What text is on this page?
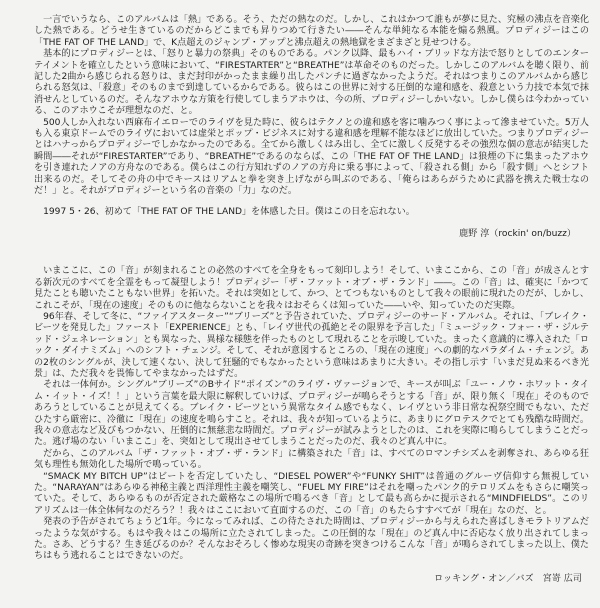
一言でいうなら、このアルバムは「熱」である。そう、ただの熱なのだ。しかし、これはかつて誰もが夢に見た、究極の沸点を音楽化した熱である。どうせ生きているのだからどこまでも昇りつめて行きたい――そんな単純なる本能を煽る熱風。プロディジーはこの「THE FAT OF THE LAND」で、K点超えのジャンプ・アップと沸点超えの熱地獄をまざまざと見せつける。

基本的にプロディジーとは、「怒りと暴力の祭典」そのものである。パンク以降、最もハイ・ブリッドな方法で怒りとしてのエンターテイメントを確立したという意味において、“FIRESTARTER”と“BREATHE”は革命そのものだった。しかしこのアルバムを聴く限り、前記した2曲から感じられる怒りは、まだ封印がかったまま繰り出したパンチに過ぎなかったようだ。それはつまりこのアルバムから感じられる怒気は、「殺意」そのものまで到達しているからである。彼らはこの世界に対する圧倒的な違和感を、殺意という力技で本気で抹消せんとしているのだ。そんなアホウな方策を行使してしまうアホウは、今の所、プロディジーしかいない。しかし僕らは今わかっている、このアホウこそが理想なのだ、と。

500人しか入れない西麻布イエローでのライヴを見た時に、彼らはテクノとの違和感を客に噛みつく事によって滲ませていた。5万人も入る東京ドームでのライヴにおいては虚栄とポップ・ビジネスに対する違和感を理解不能なほどに放出していた。つまりプロディジーとはハナっからプロディジーでしかなかったのである。全てから激しくはみ出し、全てに激しく反発するその強烈な個の意志が結実した瞬間――それが“FIRESTARTER”であり、“BREATHE”であるのならば、この「THE FAT OF THE LAND」は狼煙の下に集まったアホウを引き連れたノアの方舟なのである。僕らはこの行方知れずのノアの方舟に乗る事によって、「殺される側」から「殺す側」へとシフト出来るのだ。そしてその舟の中でキースはリアムと拳を突き上げながら叫ぶのである、「俺らはあらがうために武器を携えた戦士なのだ！」と。それがプロディジーという名の音楽の「力」なのだ。

1997 5・26、初めて「THE FAT OF THE LAND」を体感した日。僕はこの日を忘れない。

鹿野 淳（rockin' on/buzz）

いまここに、この「音」が刻まれることの必然のすべてを全身をもって刻印しよう！そして、いまここから、この「音」が成さんとする新次元のすべてを全霊をもって凝望しよう！プロディジー「ザ・ファット・オブ・ザ・ランド」――。この「音」は、確実に「かつて見たことも聴いたこともない世界」を拓いた。それは突如として、かつ、とてつもないものとして我々の眼前に現れたのだが、しかし、これこそが、「現在の速度」そのものに他ならないことを我々はおそらくは知っていた――いや、知っていたのだ実際。

96年春、そして冬に、“ファイアスターター”“ブリーズ”と予告されていた、プロディジーのサード・アルバム。それは、「ブレイク・ビーツを発見した」ファースト「EXPERIENCE」とも、「レイヴ世代の孤絶とその限界を予言した」「ミュージック・フォー・ザ・ジルテッド・ジェネレーション」とも異なった、異様な様態を伴ったものとして現れることを示唆していた。まったく意識的に導入された「ロック・ダイナミズム」へのシフト・チェンジ。そして、それが意図するところの、「現在の速度」への劇的なパラダイム・チェンジ。あの2枚のシングルが、決して速くない、決して狂騒的でもなかったという意味はあまりに大きい。その指し示す「いまだ見ぬ来るべき光景」は、ただ我々を畏怖してやまなかったはずだ。

それは一体何か。シングル“ブリーズ”のBサイド“ポイズン”のライヴ・ヴァージョンで、キースが叫ぶ「ユー・ノウ・ホワット・タイム・イット・イズ！！」という言葉を最大限に解釈していけば、プロディジーが鳴らそうとする「音」が、限り無く「現在」そのものであろうとしていることが見えてくる。ブレイク・ビーツという異常なタイム感でもなく、レイヴという非日常な祝祭空間でもない、ただひたすら厳密に、冷徹に「現在」の速度を鳴らすこと。それは、我々が知っているように、あまりにグロテスクでとても残酷な時間だ。我々の意志など及びもつかない、圧倒的に無慈悲な時間だ。プロディジーが試みようとしたのは、これを実際に鳴らしてしまうことだった。逃げ場のない「いまここ」を、突如として現出させてしまうことだったのだ、我々のど真ん中に。

だから、このアルバム「ザ・ファット・オブ・ザ・ランド」に構築された「音」は、すべてのロマンチシズムを剥奪され、あらゆる狂気も理性も無効化した場所で鳴っている。

“SMACK MY BITCH UP”はビートを否定していたし、“DIESEL POWER”や“FUNKY SHIT”は普通のグルーヴ信仰すら無視していた。“NARAYAN”はあらゆる神秘主義と西洋理性主義を嘲笑し、“FUEL MY FIRE”はそれを嘲ったパンク的テロリズムをもさらに嘲笑っていた。そして、あらゆるものが否定された厳格なこの場所で鳴るべき「音」として最も高らかに提示される“MINDFIELDS”。このリアリズムは一体全体何なのだろう？！我々はここにおいて直面するのだ、この「音」のもたらすすべてが「現在」なのだ、と。

発表の予告がされてちょうど1年。今になってみれば、この待たされた時間は、プロディジーから与えられた喜ばしきモラトリアムだったような気がする。もはや我々はこの場所に立たされてしまった。この圧倒的な「現在」のど真ん中に否応なく放り出されてしまった。さあ、どうする？生き延びるのか？そんなおそろしく惨めな現実の奇跡を突きつけるこんな「音」が鳴らされてしまった以上、僕たちはもう逃れることはできないのだ。

ロッキング・オン／バズ　宮嵜 広司
